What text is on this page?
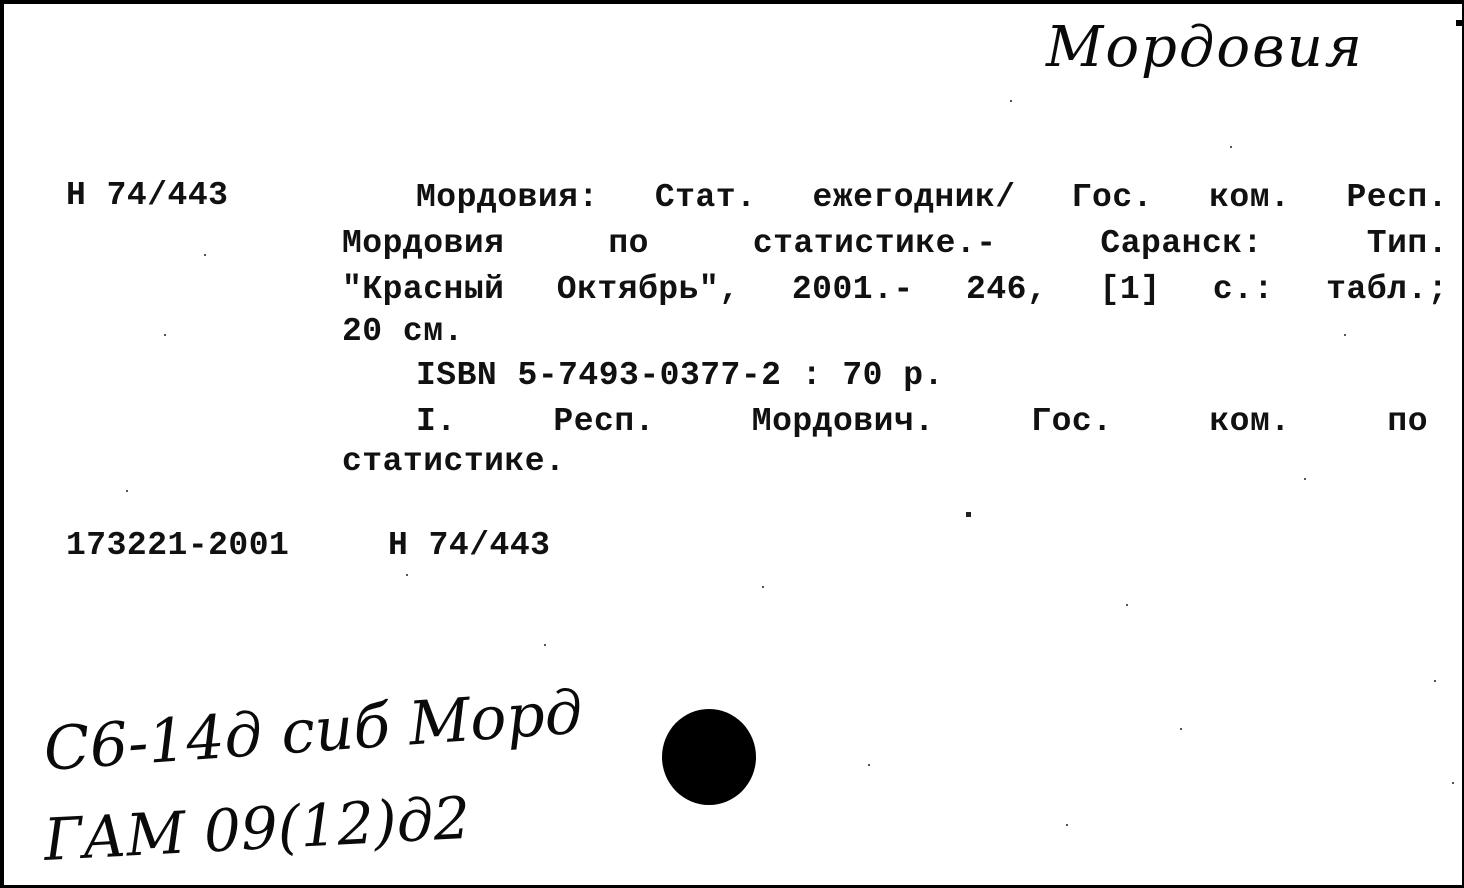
Мордовия
Н 74/443	Мордовия: Стат. ежегодник/ Гос. ком. Респ.
Мордовия по статистике.- Саранск: Тип.
"Красный Октябрь", 2001.- 246, [1] с.: табл.;
20 см.
ISBN 5-7493-0377-2 : 70 р.
I. Респ. Мордович. Гос. ком. по
статистике.
173221-2001	Н 74/443
C6-14д сиб Морд
ГАМ 09(12)д2
